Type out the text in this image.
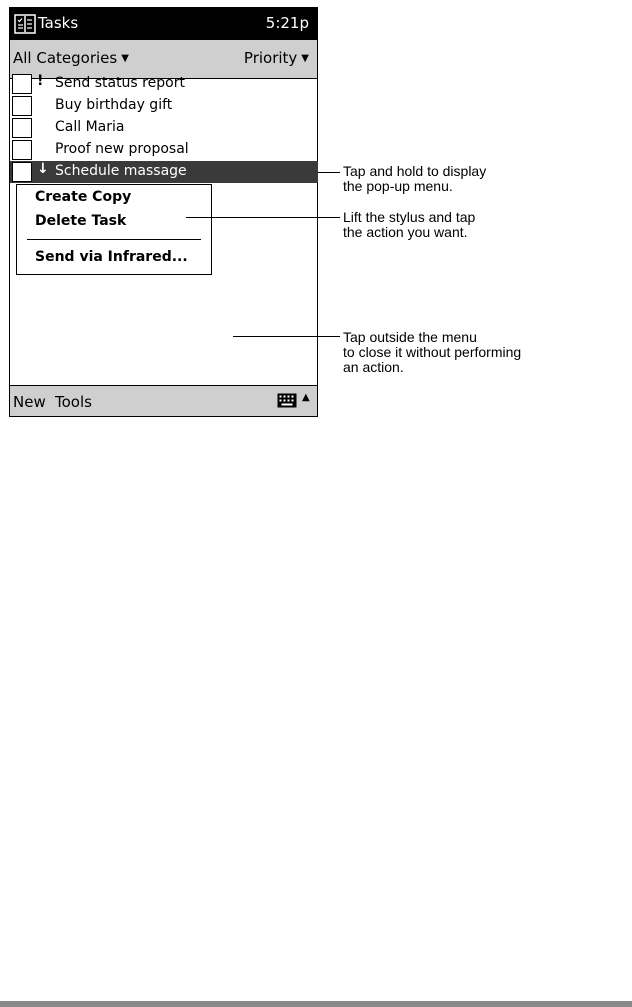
Tasks	5:21p
All Categories ▼	Priority ▼
! Send status report
Buy birthday gift
Call Maria
Proof new proposal
↓ Schedule massage
Create Copy
Delete Task
Send via Infrared...
New Tools	▲
Tap and hold to display
the pop-up menu.
Lift the stylus and tap
the action you want.
Tap outside the menu
to close it without performing
an action.
